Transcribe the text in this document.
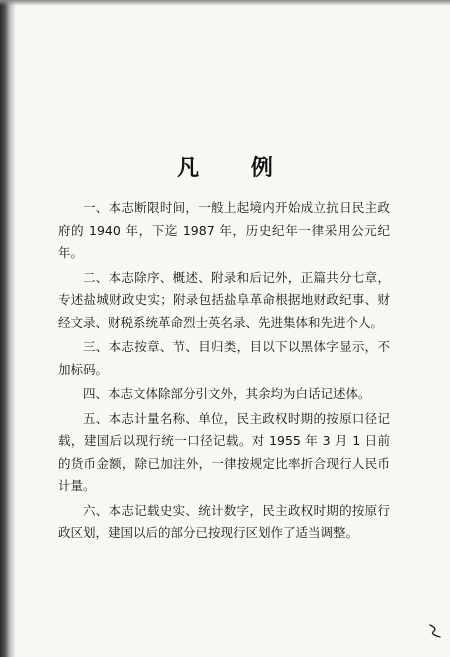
凡 例

一、本志断限时间，一般上起境内开始成立抗日民主政府的 1940 年，下迄 1987 年，历史纪年一律采用公元纪年。

二、本志除序、概述、附录和后记外，正篇共分七章，专述盐城财政史实；附录包括盐阜革命根据地财政纪事、财经文录、财税系统革命烈士英名录、先进集体和先进个人。

三、本志按章、节、目归类，目以下以黑体字显示，不加标码。

四、本志文体除部分引文外，其余均为白话记述体。

五、本志计量名称、单位，民主政权时期的按原口径记载，建国后以现行统一口径记载。对 1955 年 3 月 1 日前的货币金额，除已加注外，一律按规定比率折合现行人民币计量。

六、本志记载史实、统计数字，民主政权时期的按原行政区划，建国以后的部分已按现行区划作了适当调整。
